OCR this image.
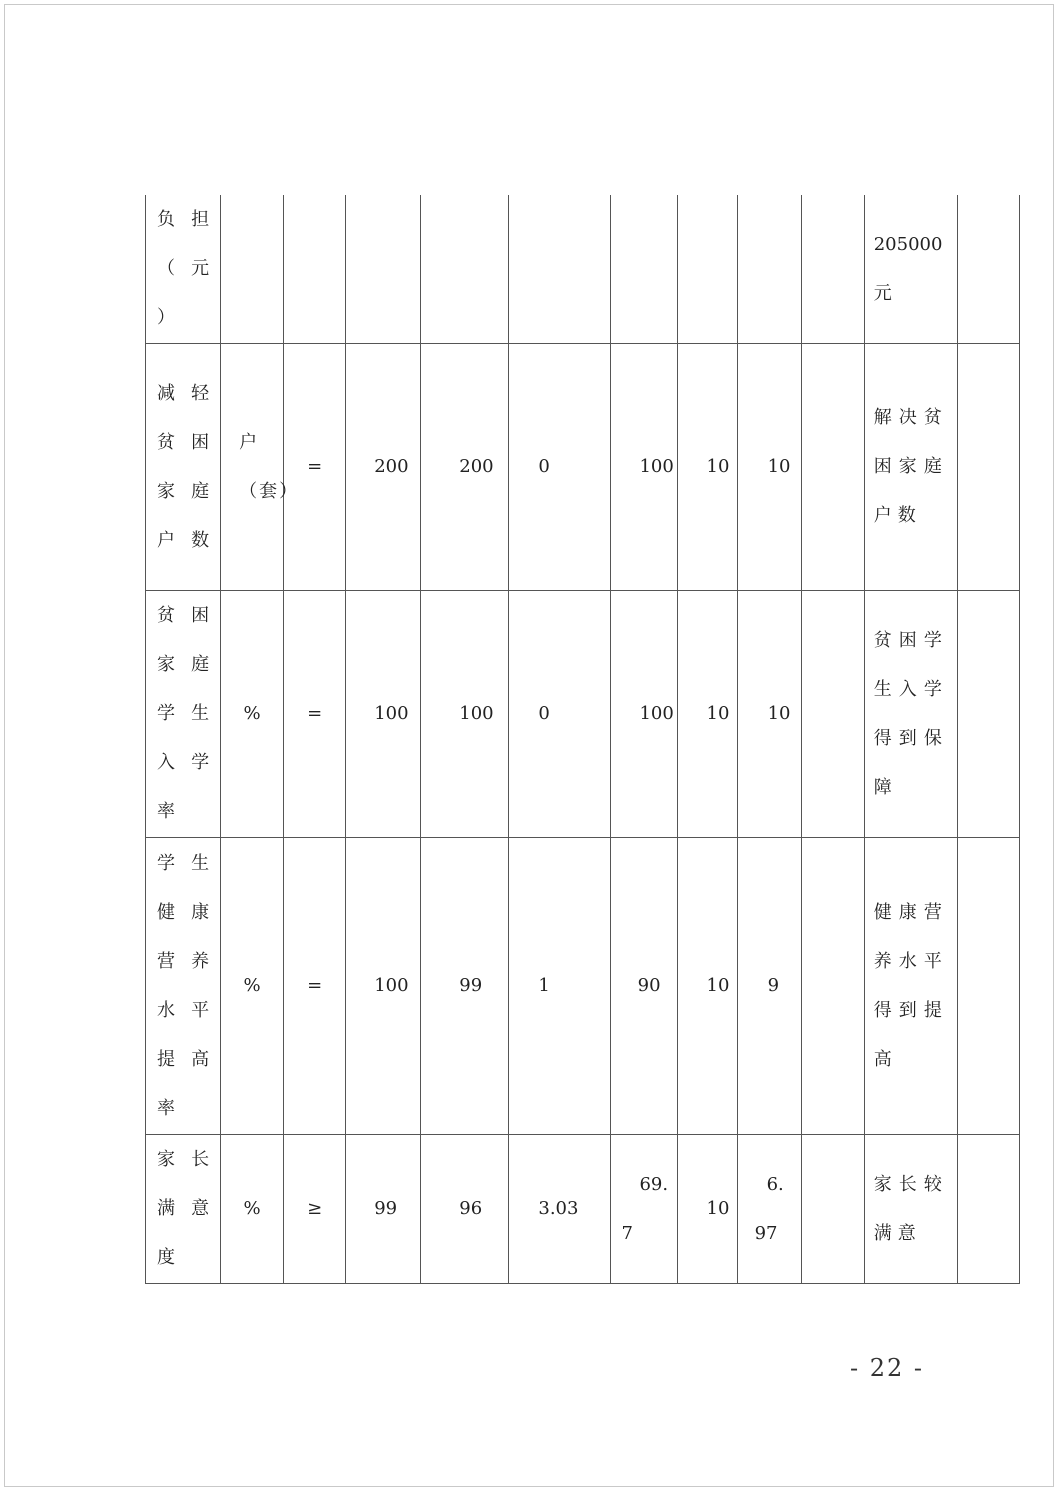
负 担 （ 元 ）										205000元	
减轻贫困家庭户数	户（套）	=	200	200	0	100	10	10		解决贫困家庭户数	
贫困家庭学生入学率	%	=	100	100	0	100	10	10		贫困学生入学得到保障	
学生健康营养水平提高率	%	=	100	99	1	90	10	9		健康营养水平得到提高	
家长满意度	%	≥	99	96	3.03	69.7	10	6.97		家长较满意	
- 22 -
